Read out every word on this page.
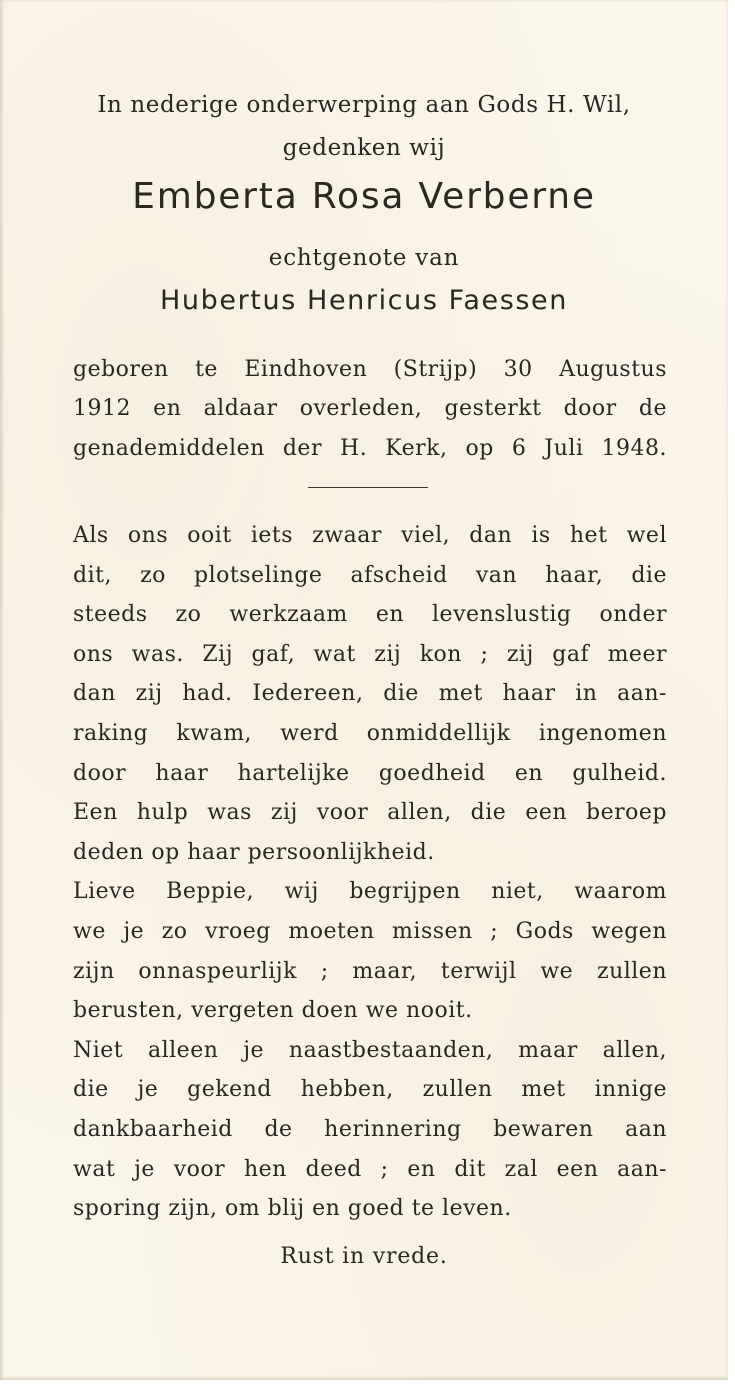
In nederige onderwerping aan Gods H. Wil,
gedenken wij
Emberta Rosa Verberne
echtgenote van
Hubertus Henricus Faessen
geboren te Eindhoven (Strijp) 30 Augustus
1912 en aldaar overleden, gesterkt door de
genademiddelen der H. Kerk, op 6 Juli 1948.
Als ons ooit iets zwaar viel, dan is het wel
dit, zo plotselinge afscheid van haar, die
steeds zo werkzaam en levenslustig onder
ons was. Zij gaf, wat zij kon ; zij gaf meer
dan zij had. Iedereen, die met haar in aan-
raking kwam, werd onmiddellijk ingenomen
door haar hartelijke goedheid en gulheid.
Een hulp was zij voor allen, die een beroep
deden op haar persoonlijkheid.
Lieve Beppie, wij begrijpen niet, waarom
we je zo vroeg moeten missen ; Gods wegen
zijn onnaspeurlijk ; maar, terwijl we zullen
berusten, vergeten doen we nooit.
Niet alleen je naastbestaanden, maar allen,
die je gekend hebben, zullen met innige
dankbaarheid de herinnering bewaren aan
wat je voor hen deed ; en dit zal een aan-
sporing zijn, om blij en goed te leven.
Rust in vrede.
